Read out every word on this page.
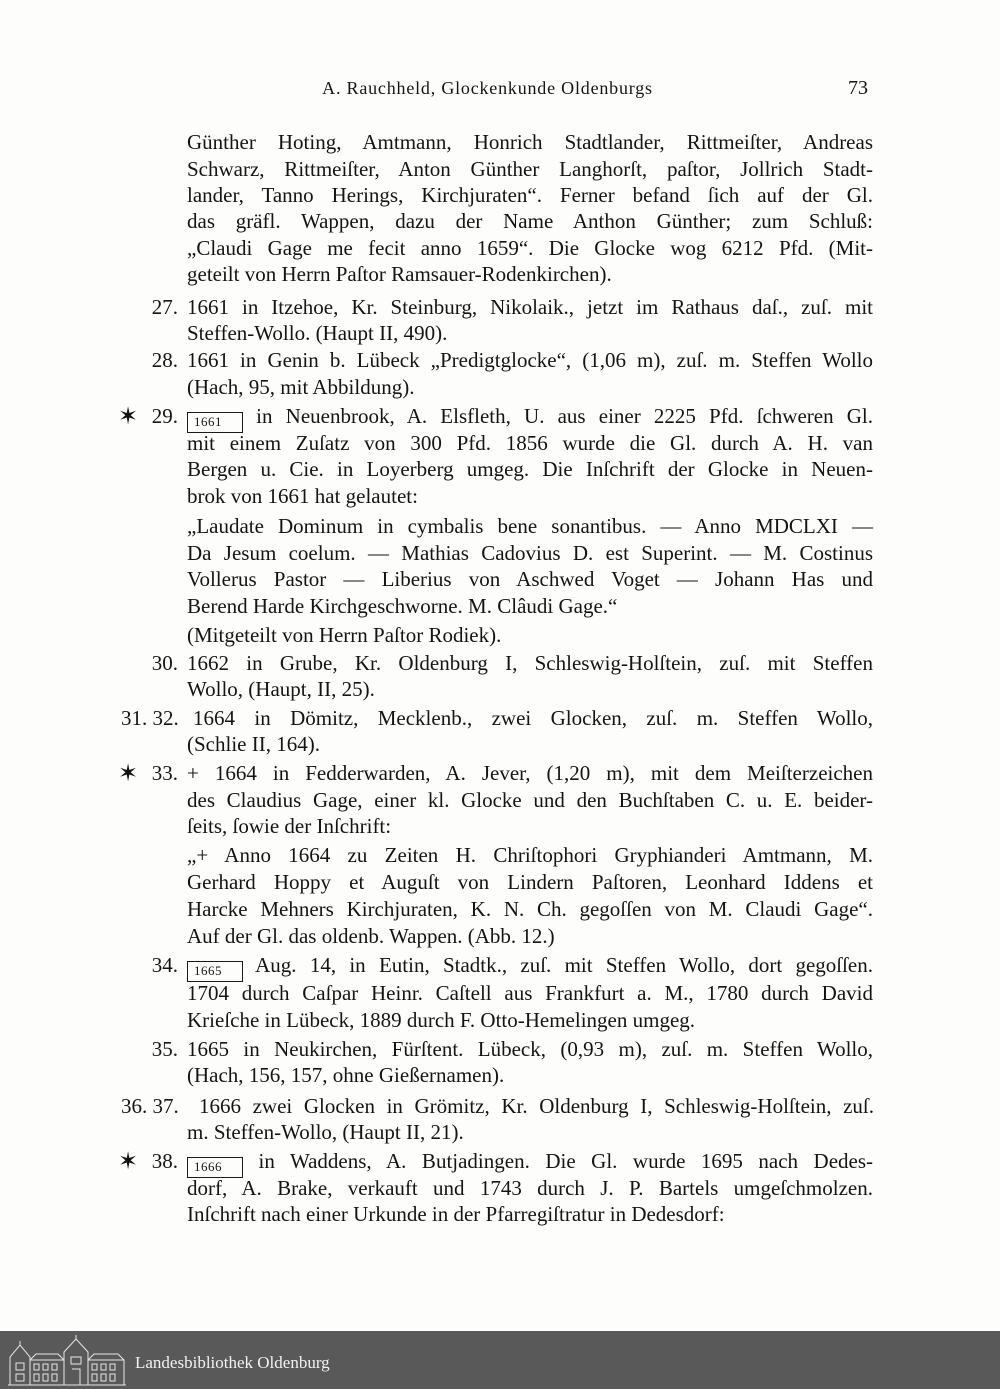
A. Rauchheld, Glockenkunde Oldenburgs	73
Günther Hoting, Amtmann, Honrich Stadtlander, Rittmeiſter, Andreas
Schwarz, Rittmeiſter, Anton Günther Langhorſt, paſtor, Jollrich Stadt-
lander, Tanno Herings, Kirchjuraten“. Ferner befand ſich auf der Gl.
das gräfl. Wappen, dazu der Name Anthon Günther; zum Schluß:
„Claudi Gage me fecit anno 1659“. Die Glocke wog 6212 Pfd. (Mit-
geteilt von Herrn Paſtor Ramsauer-Rodenkirchen).
27. 1661 in Itzehoe, Kr. Steinburg, Nikolaik., jetzt im Rathaus daſ., zuſ. mit
Steffen-Wollo. (Haupt II, 490).
28. 1661 in Genin b. Lübeck „Predigtglocke“, (1,06 m), zuſ. m. Steffen Wollo
(Hach, 95, mit Abbildung).
✶
29.	1661 in Neuenbrook, A. Elsfleth, U. aus einer 2225 Pfd. ſchweren Gl.
mit einem Zuſatz von 300 Pfd. 1856 wurde die Gl. durch A. H. van
Bergen u. Cie. in Loyerberg umgeg. Die Inſchrift der Glocke in Neuen-
brok von 1661 hat gelautet:
„Laudate Dominum in cymbalis bene sonantibus. — Anno MDCLXI —
Da Jesum coelum. — Mathias Cadovius D. est Superint. — M. Costinus
Vollerus Pastor — Liberius von Aschwed Voget — Johann Has und
Berend Harde Kirchgeschworne. M. Clâudi Gage.“
(Mitgeteilt von Herrn Paſtor Rodiek).
30. 1662 in Grube, Kr. Oldenburg I, Schleswig-Holſtein, zuſ. mit Steffen
Wollo, (Haupt, II, 25).
31. 32. 1664 in Dömitz, Mecklenb., zwei Glocken, zuſ. m. Steffen Wollo,
(Schlie II, 164).
✶
33. + 1664 in Fedderwarden, A. Jever, (1,20 m), mit dem Meiſterzeichen
des Claudius Gage, einer kl. Glocke und den Buchſtaben C. u. E. beider-
ſeits, ſowie der Inſchrift:
„+ Anno 1664 zu Zeiten H. Chriſtophori Gryphianderi Amtmann, M.
Gerhard Hoppy et Auguſt von Lindern Paſtoren, Leonhard Iddens et
Harcke Mehners Kirchjuraten, K. N. Ch. gegoſſen von M. Claudi Gage“.
Auf der Gl. das oldenb. Wappen. (Abb. 12.)
34.	1665 Aug. 14, in Eutin, Stadtk., zuſ. mit Steffen Wollo, dort gegoſſen.
1704 durch Caſpar Heinr. Caſtell aus Frankfurt a. M., 1780 durch David
Krieſche in Lübeck, 1889 durch F. Otto-Hemelingen umgeg.
35. 1665 in Neukirchen, Fürſtent. Lübeck, (0,93 m), zuſ. m. Steffen Wollo,
(Hach, 156, 157, ohne Gießernamen).
36. 37. 1666 zwei Glocken in Grömitz, Kr. Oldenburg I, Schleswig-Holſtein, zuſ.
m. Steffen-Wollo, (Haupt II, 21).
✶
38.	1666 in Waddens, A. Butjadingen. Die Gl. wurde 1695 nach Dedes-
dorf, A. Brake, verkauft und 1743 durch J. P. Bartels umgeſchmolzen.
Inſchrift nach einer Urkunde in der Pfarregiſtratur in Dedesdorf:
Landesbibliothek Oldenburg
